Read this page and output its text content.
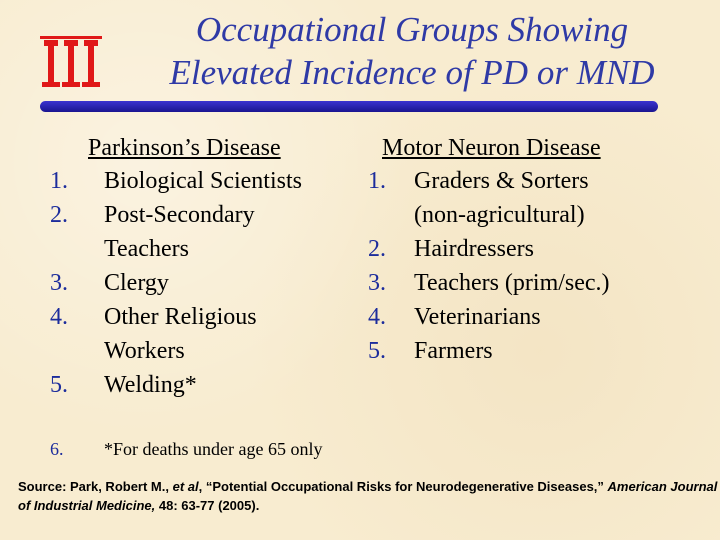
Occupational Groups Showing
Elevated Incidence of PD or MND
Parkinson’s Disease
1.	Biological Scientists
2.	Post-Secondary
Teachers
3.	Clergy
4.	Other Religious
Workers
5.	Welding*
6.	*For deaths under age 65 only
Motor Neuron Disease
1.	Graders & Sorters
(non-agricultural)
2.	Hairdressers
3.	Teachers (prim/sec.)
4.	Veterinarians
5.	Farmers
Source: Park, Robert M., et al, “Potential Occupational Risks for Neurodegenerative Diseases,” American Journal of Industrial Medicine, 48: 63-77 (2005).
